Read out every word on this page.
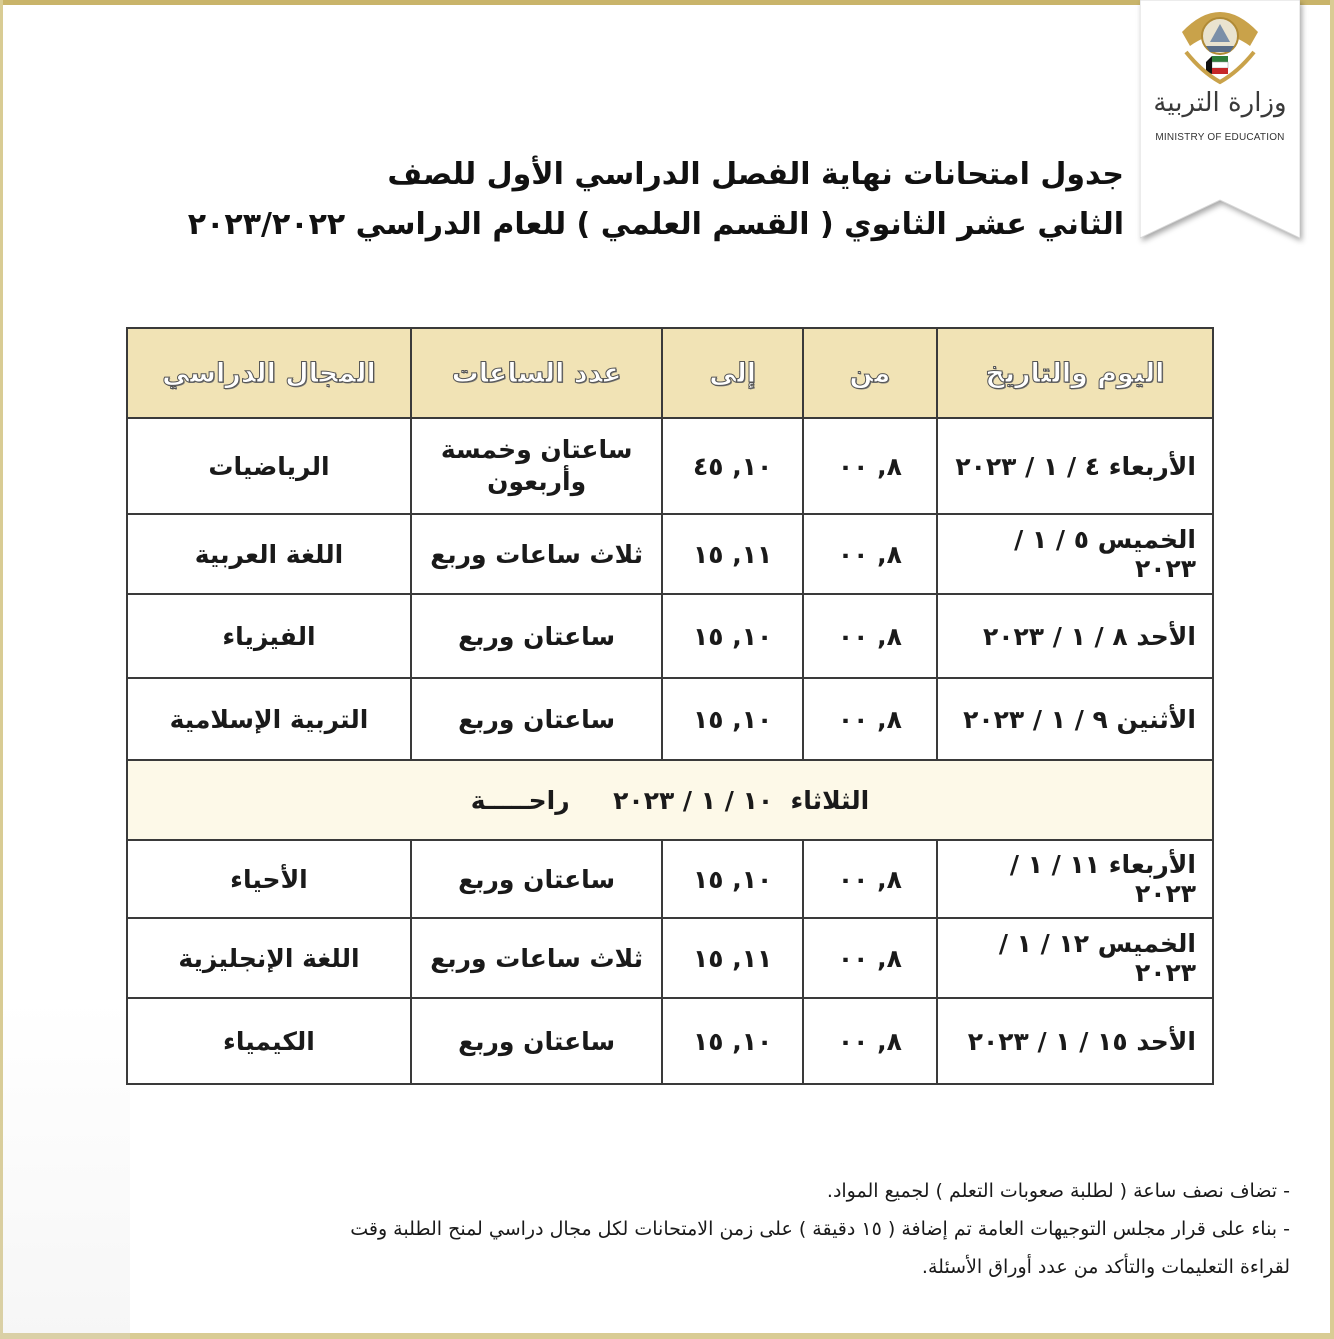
وزارة التربية
MINISTRY OF EDUCATION
جدول امتحانات نهاية الفصل الدراسي الأول للصف
الثاني عشر الثانوي ( القسم العلمي ) للعام الدراسي ٢٠٢٣/٢٠٢٢
اليوم والتاريخ	من	إلى	عدد الساعات	المجال الدراسي
الأربعاء ٤ / ١ / ٢٠٢٣	٨, ٠٠	١٠, ٤٥	ساعتان وخمسة وأربعون	الرياضيات
الخميس ٥ / ١ / ٢٠٢٣	٨, ٠٠	١١, ١٥	ثلاث ساعات وربع	اللغة العربية
الأحد ٨ / ١ / ٢٠٢٣	٨, ٠٠	١٠, ١٥	ساعتان وربع	الفيزياء
الأثنين ٩ / ١ / ٢٠٢٣	٨, ٠٠	١٠, ١٥	ساعتان وربع	التربية الإسلامية
الثلاثاء  ١٠ / ١ / ٢٠٢٣     راحـــــة				
الأربعاء ١١ / ١ / ٢٠٢٣	٨, ٠٠	١٠, ١٥	ساعتان وربع	الأحياء
الخميس ١٢ / ١ / ٢٠٢٣	٨, ٠٠	١١, ١٥	ثلاث ساعات وربع	اللغة الإنجليزية
الأحد ١٥ / ١ / ٢٠٢٣	٨, ٠٠	١٠, ١٥	ساعتان وربع	الكيمياء

- تضاف نصف ساعة ( لطلبة صعوبات التعلم ) لجميع المواد.

- بناء على قرار مجلس التوجيهات العامة تم إضافة ( ١٥ دقيقة ) على زمن الامتحانات لكل مجال دراسي لمنح الطلبة وقت

لقراءة التعليمات والتأكد من عدد أوراق الأسئلة.
